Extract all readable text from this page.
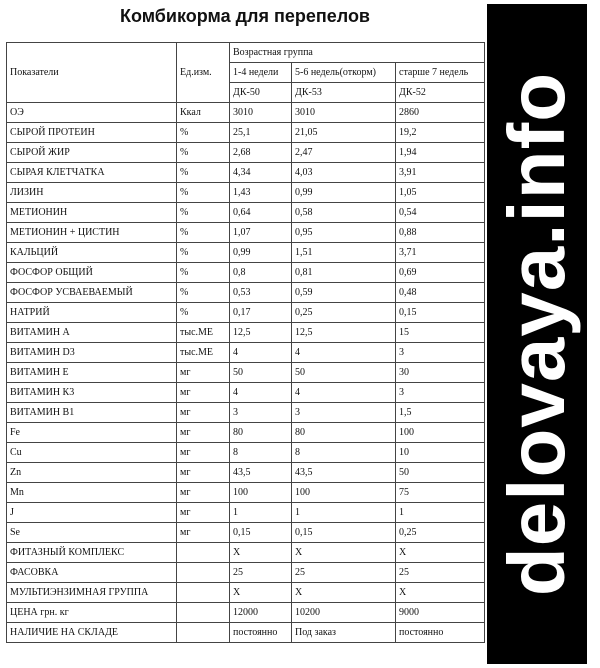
Комбикорма для перепелов
Показатели	Ед.изм.	Возрастная группа		
		1-4 недели	5-6 недель(откорм)	старше 7 недель
		ДК-50	ДК-53	ДК-52
ОЭ	Ккал	3010	3010	2860
СЫРОЙ ПРОТЕИН	%	25,1	21,05	19,2
СЫРОЙ ЖИР	%	2,68	2,47	1,94
СЫРАЯ КЛЕТЧАТКА	%	4,34	4,03	3,91
ЛИЗИН	%	1,43	0,99	1,05
МЕТИОНИН	%	0,64	0,58	0,54
МЕТИОНИН + ЦИСТИН	%	1,07	0,95	0,88
КАЛЬЦИЙ	%	0,99	1,51	3,71
ФОСФОР ОБЩИЙ	%	0,8	0,81	0,69
ФОСФОР УСВАЕВАЕМЫЙ	%	0,53	0,59	0,48
НАТРИЙ	%	0,17	0,25	0,15
ВИТАМИН А	тыс.МЕ	12,5	12,5	15
ВИТАМИН D3	тыс.МЕ	4	4	3
ВИТАМИН Е	мг	50	50	30
ВИТАМИН К3	мг	4	4	3
ВИТАМИН В1	мг	3	3	1,5
Fe	мг	80	80	100
Cu	мг	8	8	10
Zn	мг	43,5	43,5	50
Mn	мг	100	100	75
J	мг	1	1	1
Se	мг	0,15	0,15	0,25
ФИТАЗНЫЙ КОМПЛЕКС		X	X	X
ФАСОВКА		25	25	25
МУЛЬТИЭНЗИМНАЯ ГРУППА		X	X	X
ЦЕНА грн. кг		12000	10200	9000
НАЛИЧИЕ НА СКЛАДЕ		постоянно	Под заказ	постоянно
delovaya.info
